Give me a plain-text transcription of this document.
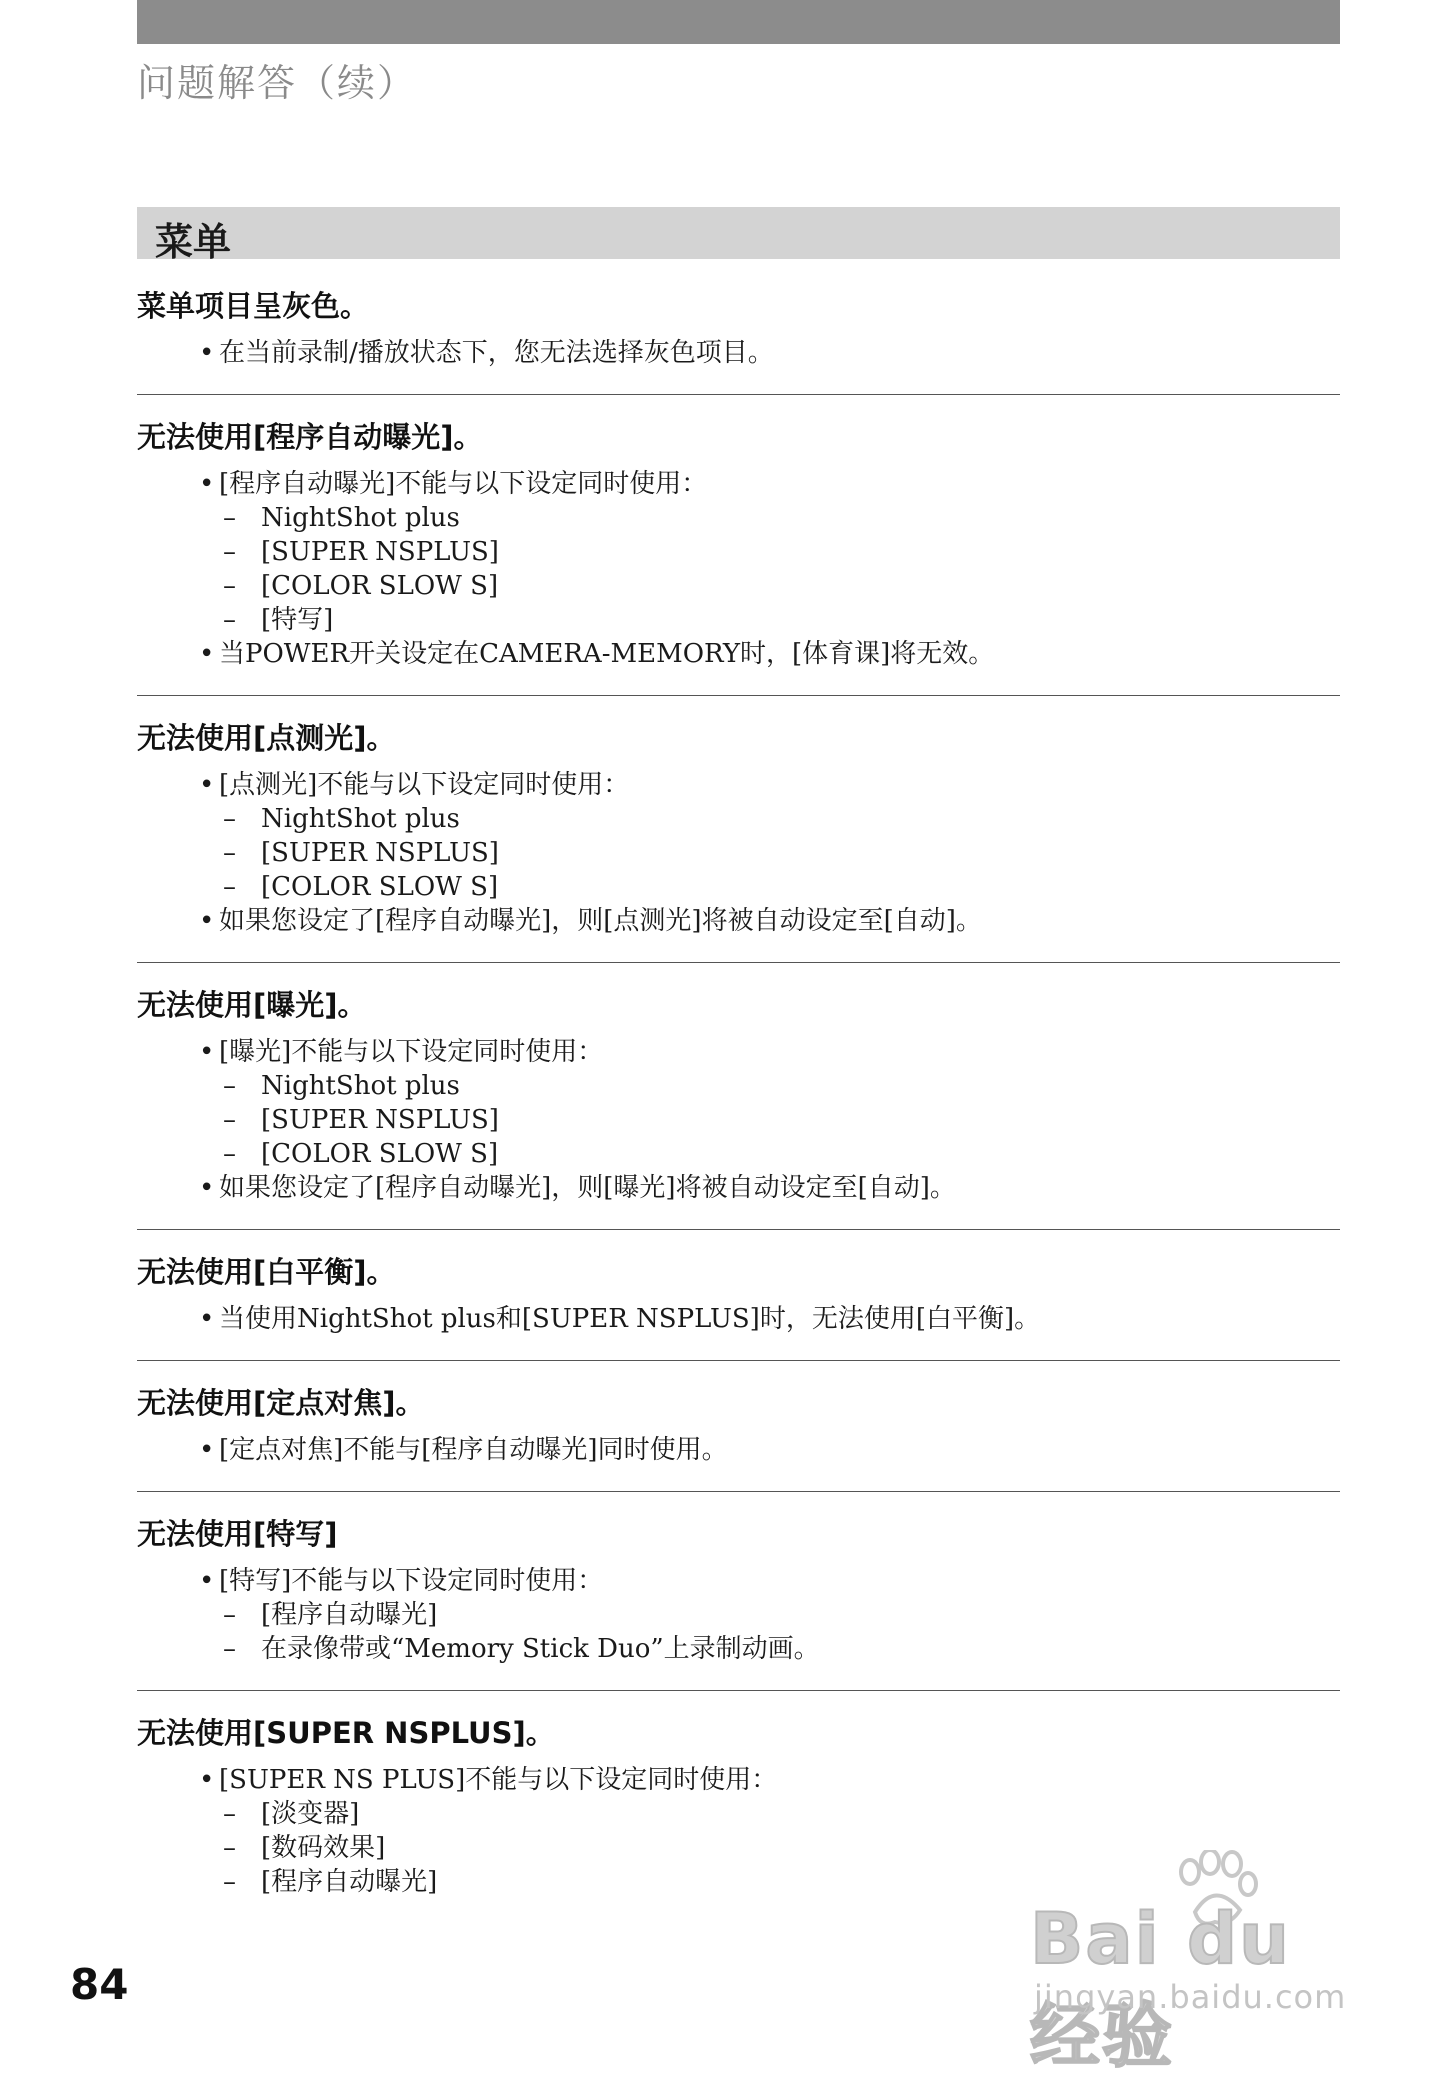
问题解答（续）
菜单
菜单项目呈灰色。
• 在当前录制/播放状态下，您无法选择灰色项目。
无法使用[程序自动曝光]。
• [程序自动曝光]不能与以下设定同时使用：
– NightShot plus
– [SUPER NSPLUS]
– [COLOR SLOW S]
– [特写]
• 当POWER开关设定在CAMERA-MEMORY时，[体育课]将无效。
无法使用[点测光]。
• [点测光]不能与以下设定同时使用：
– NightShot plus
– [SUPER NSPLUS]
– [COLOR SLOW S]
• 如果您设定了[程序自动曝光]，则[点测光]将被自动设定至[自动]。
无法使用[曝光]。
• [曝光]不能与以下设定同时使用：
– NightShot plus
– [SUPER NSPLUS]
– [COLOR SLOW S]
• 如果您设定了[程序自动曝光]，则[曝光]将被自动设定至[自动]。
无法使用[白平衡]。
• 当使用NightShot plus和[SUPER NSPLUS]时，无法使用[白平衡]。
无法使用[定点对焦]。
• [定点对焦]不能与[程序自动曝光]同时使用。
无法使用[特写]
• [特写]不能与以下设定同时使用：
– [程序自动曝光]
– 在录像带或“Memory Stick Duo”上录制动画。
无法使用[SUPER NSPLUS]。
• [SUPER NS PLUS]不能与以下设定同时使用：
– [淡变器]
– [数码效果]
– [程序自动曝光]
84
Bai du 经验
jingyan.baidu.com
